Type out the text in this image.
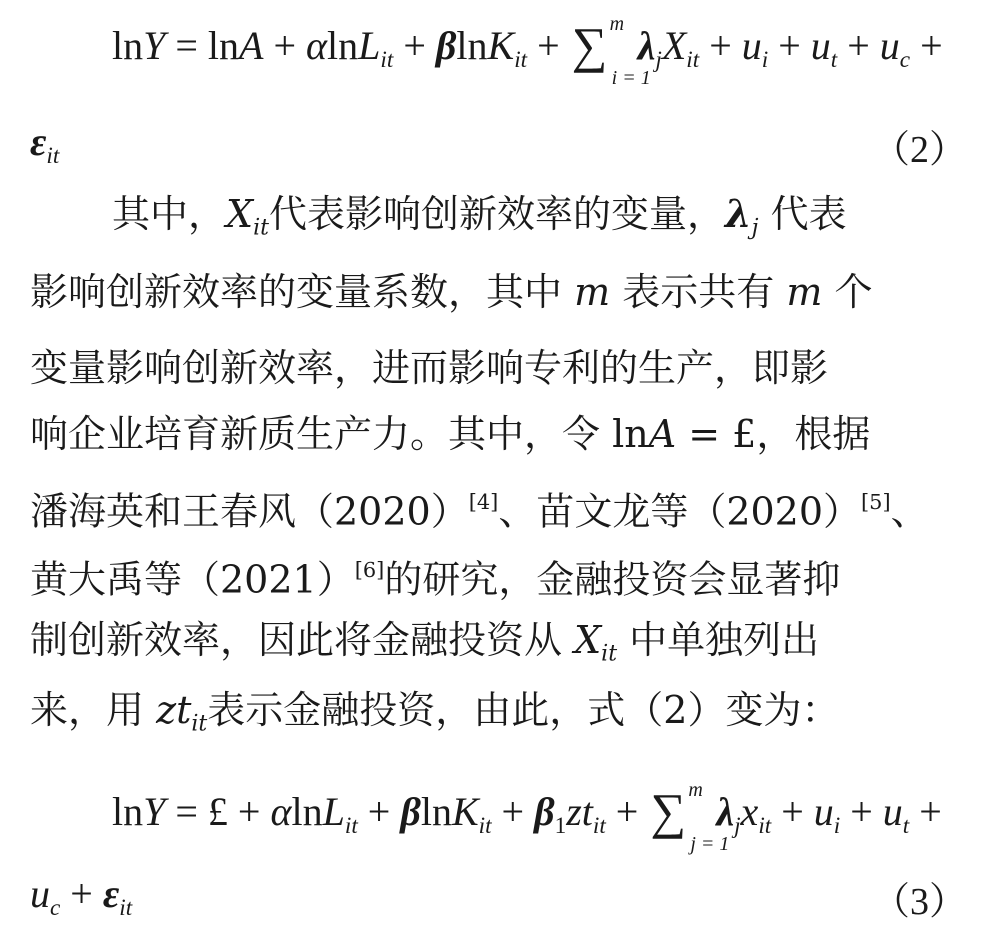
lnY = lnA + αlnL$_{it}$ + βlnK$_{it}$ + ∑ m
i = 1
$\lambda_jX_{it} + u_i + u_t + u_c$ +
$\varepsilon_{it}$	（2）
其中，$X_{it}$代表影响创新效率的变量，$\lambda_j$ 代表
影响创新效率的变量系数，其中 m 表示共有 m 个
变量影响创新效率，进而影响专利的生产，即影
响企业培育新质生产力。其中，令 lnA = £，根据
潘海英和王春风（2020）[4]、苗文龙等（2020）[5]、
黄大禹等（2021）[6]的研究，金融投资会显著抑
制创新效率，因此将金融投资从 $X_{it}$ 中单独列出
来，用 $zt_{it}$表示金融投资，由此，式（2）变为：
lnY = £ + $\alpha\ln L_{it} + \beta\ln K_{it} + \beta_1zt_{it}$ + ∑ m
j = 1
$\lambda_jx_{it} + u_i + u_t$ +
$u_c + \varepsilon_{it}$	（3）
